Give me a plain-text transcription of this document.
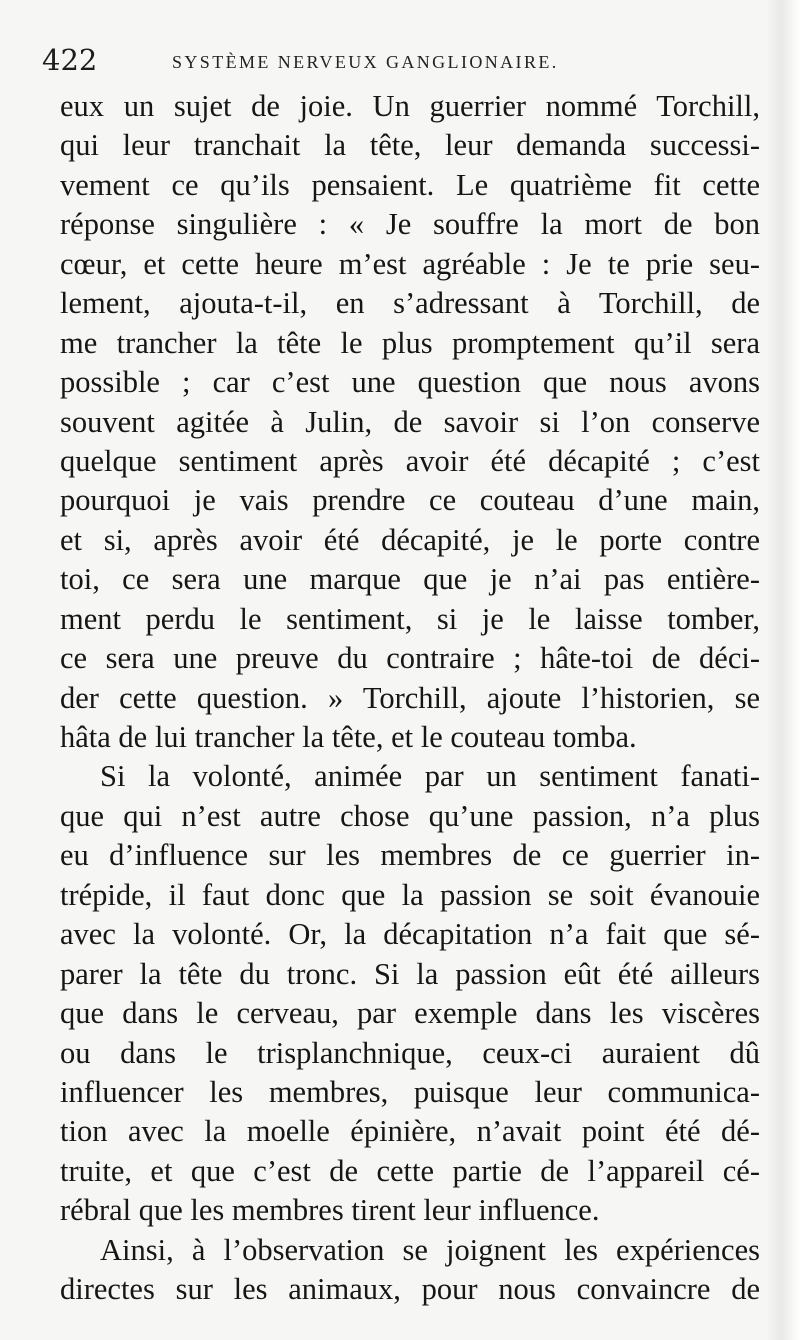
422	SYSTÈME NERVEUX GANGLIONAIRE.
eux un sujet de joie. Un guerrier nommé Torchill,
qui leur tranchait la tête, leur demanda successi-
vement ce qu’ils pensaient. Le quatrième fit cette
réponse singulière : « Je souffre la mort de bon
cœur, et cette heure m’est agréable : Je te prie seu-
lement, ajouta-t-il, en s’adressant à Torchill, de
me trancher la tête le plus promptement qu’il sera
possible ; car c’est une question que nous avons
souvent agitée à Julin, de savoir si l’on conserve
quelque sentiment après avoir été décapité ; c’est
pourquoi je vais prendre ce couteau d’une main,
et si, après avoir été décapité, je le porte contre
toi, ce sera une marque que je n’ai pas entière-
ment perdu le sentiment, si je le laisse tomber,
ce sera une preuve du contraire ; hâte-toi de déci-
der cette question. » Torchill, ajoute l’historien, se
hâta de lui trancher la tête, et le couteau tomba.
Si la volonté, animée par un sentiment fanati-
que qui n’est autre chose qu’une passion, n’a plus
eu d’influence sur les membres de ce guerrier in-
trépide, il faut donc que la passion se soit évanouie
avec la volonté. Or, la décapitation n’a fait que sé-
parer la tête du tronc. Si la passion eût été ailleurs
que dans le cerveau, par exemple dans les viscères
ou dans le trisplanchnique, ceux-ci auraient dû
influencer les membres, puisque leur communica-
tion avec la moelle épinière, n’avait point été dé-
truite, et que c’est de cette partie de l’appareil cé-
rébral que les membres tirent leur influence.
Ainsi, à l’observation se joignent les expériences
directes sur les animaux, pour nous convaincre de
